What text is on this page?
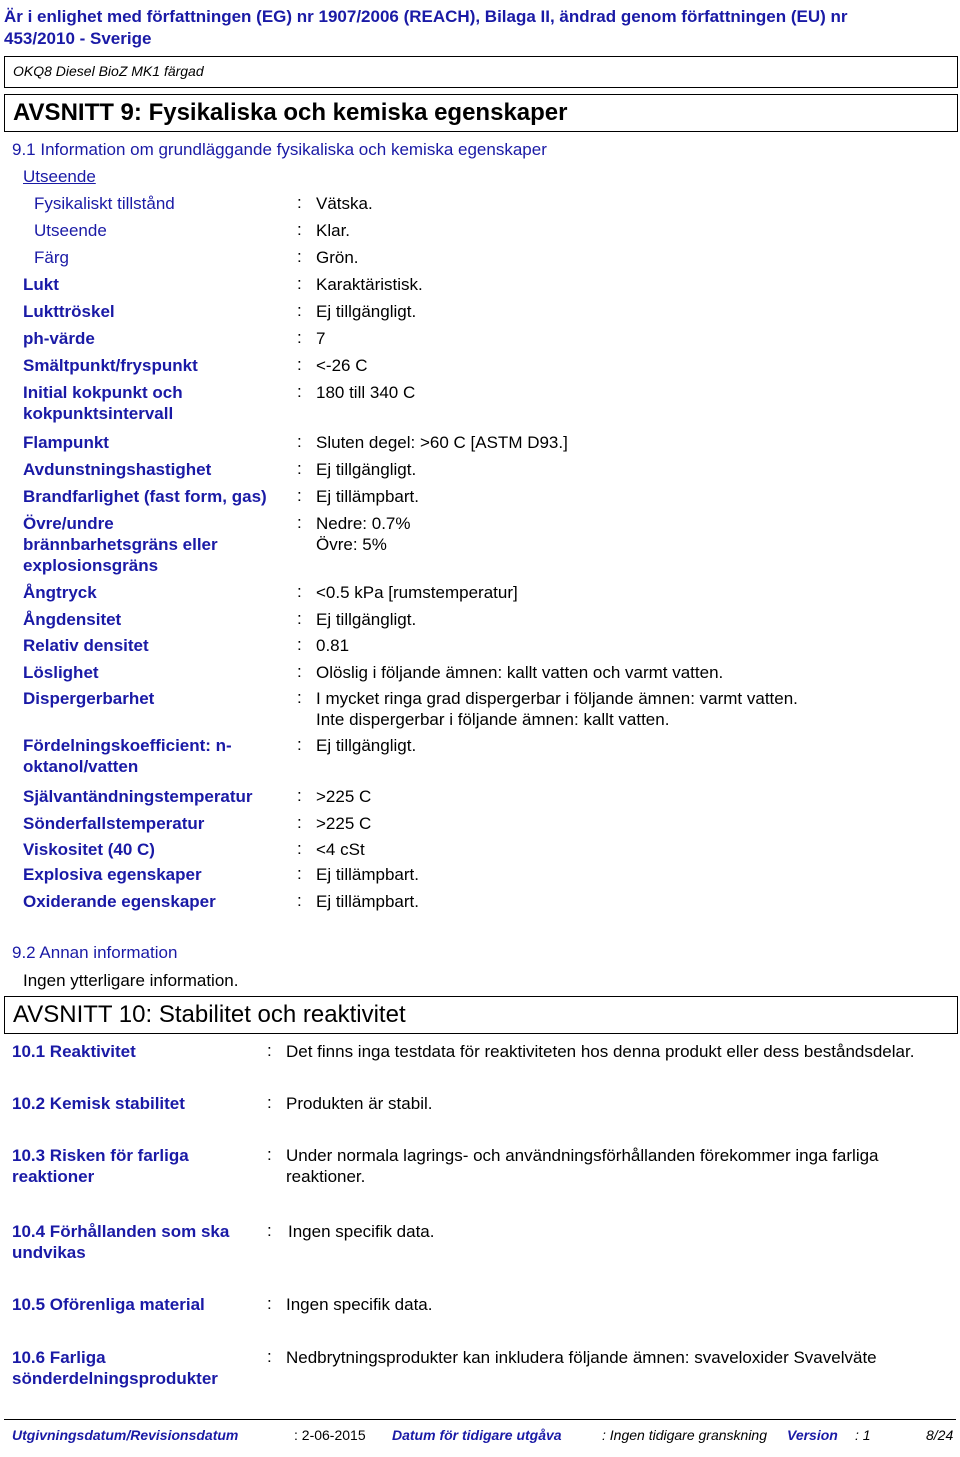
Är i enlighet med författningen (EG) nr 1907/2006 (REACH), Bilaga II, ändrad genom författningen (EU) nr
453/2010 - Sverige
OKQ8 Diesel BioZ MK1 färgad
AVSNITT 9: Fysikaliska och kemiska egenskaper
9.1 Information om grundläggande fysikaliska och kemiska egenskaper
Utseende
Fysikaliskt tillstånd	: Vätska.
Utseende	: Klar.
Färg	: Grön.
Lukt	: Karaktäristisk.
Lukttröskel	: Ej tillgängligt.
ph-värde	: 7
Smältpunkt/fryspunkt	: <-26 C
Initial kokpunkt och
kokpunktsintervall
: 180 till 340 C
Flampunkt	: Sluten degel: >60 C [ASTM D93.]
Avdunstningshastighet	: Ej tillgängligt.
Brandfarlighet (fast form, gas) : Ej tillämpbart.
Övre/undre
brännbarhetsgräns eller
explosionsgräns
: Nedre: 0.7%
Övre: 5%
Ångtryck	: <0.5 kPa [rumstemperatur]
Ångdensitet	: Ej tillgängligt.
Relativ densitet	: 0.81
Löslighet	: Olöslig i följande ämnen: kallt vatten och varmt vatten.
Dispergerbarhet	: I mycket ringa grad dispergerbar i följande ämnen: varmt vatten.
Inte dispergerbar i följande ämnen: kallt vatten.
Fördelningskoefficient: n-
oktanol/vatten
: Ej tillgängligt.
Självantändningstemperatur	: >225 C
Sönderfallstemperatur	: >225 C
Viskositet (40 C)	: <4 cSt
Explosiva egenskaper	: Ej tillämpbart.
Oxiderande egenskaper	: Ej tillämpbart.
9.2 Annan information
Ingen ytterligare information.
AVSNITT 10: Stabilitet och reaktivitet
10.1 Reaktivitet	: Det finns inga testdata för reaktiviteten hos denna produkt eller dess beståndsdelar.
10.2 Kemisk stabilitet	: Produkten är stabil.
10.3 Risken för farliga
reaktioner
: Under normala lagrings- och användningsförhållanden förekommer inga farliga
reaktioner.
10.4 Förhållanden som ska
undvikas
: Ingen specifik data.
10.5 Oförenliga material	: Ingen specifik data.
10.6 Farliga
sönderdelningsprodukter
: Nedbrytningsprodukter kan inkludera följande ämnen: svaveloxider Svavelväte
Utgivningsdatum/Revisionsdatum	: 2-06-2015 Datum för tidigare utgåva	: Ingen tidigare granskning Version : 1	8/24
